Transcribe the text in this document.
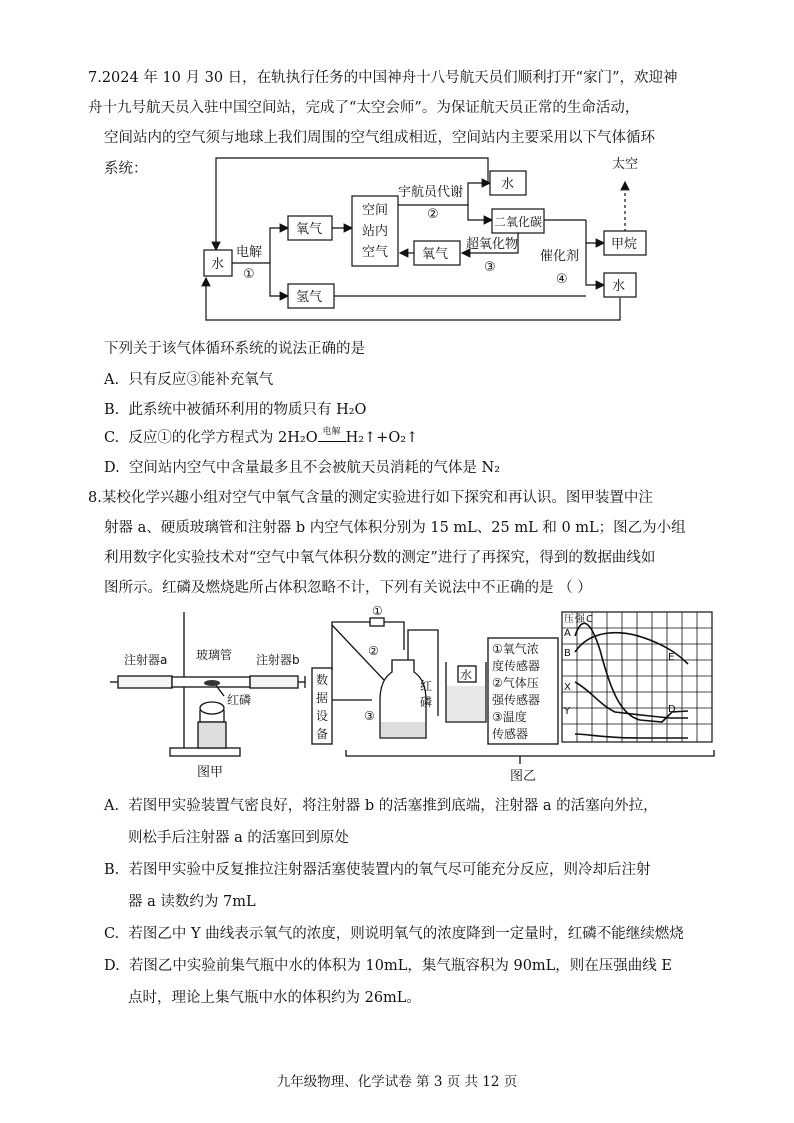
7.2024 年 10 月 30 日，在轨执行任务的中国神舟十八号航天员们顺利打开“家门”，欢迎神
舟十九号航天员入驻中国空间站，完成了“太空会师”。为保证航天员正常的生命活动，
空间站内的空气须与地球上我们周围的空气组成相近，空间站内主要采用以下气体循环
系统：
水
电解
①
氧气
氢气
空间
站内
空气
宇航员代谢
②
水
二氧化碳
超氧化物
③
氧气	催化剂
④
甲烷
水
太空
下列关于该气体循环系统的说法正确的是
A. 只有反应③能补充氧气
B. 此系统中被循环利用的物质只有 H₂O
C. 反应①的化学方程式为 2H₂O 电解 H₂↑+O₂↑
D. 空间站内空气中含量最多且不会被航天员消耗的气体是 N₂
8.某校化学兴趣小组对空气中氧气含量的测定实验进行如下探究和再认识。图甲装置中注
射器 a、硬质玻璃管和注射器 b 内空气体积分别为 15 mL、25 mL 和 0 mL；图乙为小组
利用数字化实验技术对“空气中氧气体积分数的测定”进行了再探究，得到的数据曲线如
图所示。红磷及燃烧匙所占体积忽略不计，下列有关说法中不正确的是 （ ）
注射器a 玻璃管 注射器b
红磷
图甲
数
据
设
备
①
②
③
红
磷
水
①氧气浓
度传感器
②气体压
强传感器
③温度
传感器
压 强
A
B
C
X
Y	D
E
图乙
A. 若图甲实验装置气密良好，将注射器 b 的活塞推到底端，注射器 a 的活塞向外拉，
则松手后注射器 a 的活塞回到原处
B. 若图甲实验中反复推拉注射器活塞使装置内的氧气尽可能充分反应，则冷却后注射
器 a 读数约为 7mL
C. 若图乙中 Y 曲线表示氧气的浓度，则说明氧气的浓度降到一定量时，红磷不能继续燃烧
D. 若图乙中实验前集气瓶中水的体积为 10mL，集气瓶容积为 90mL，则在压强曲线 E
点时，理论上集气瓶中水的体积约为 26mL。
九年级物理、化学试卷 第 3 页 共 12 页
